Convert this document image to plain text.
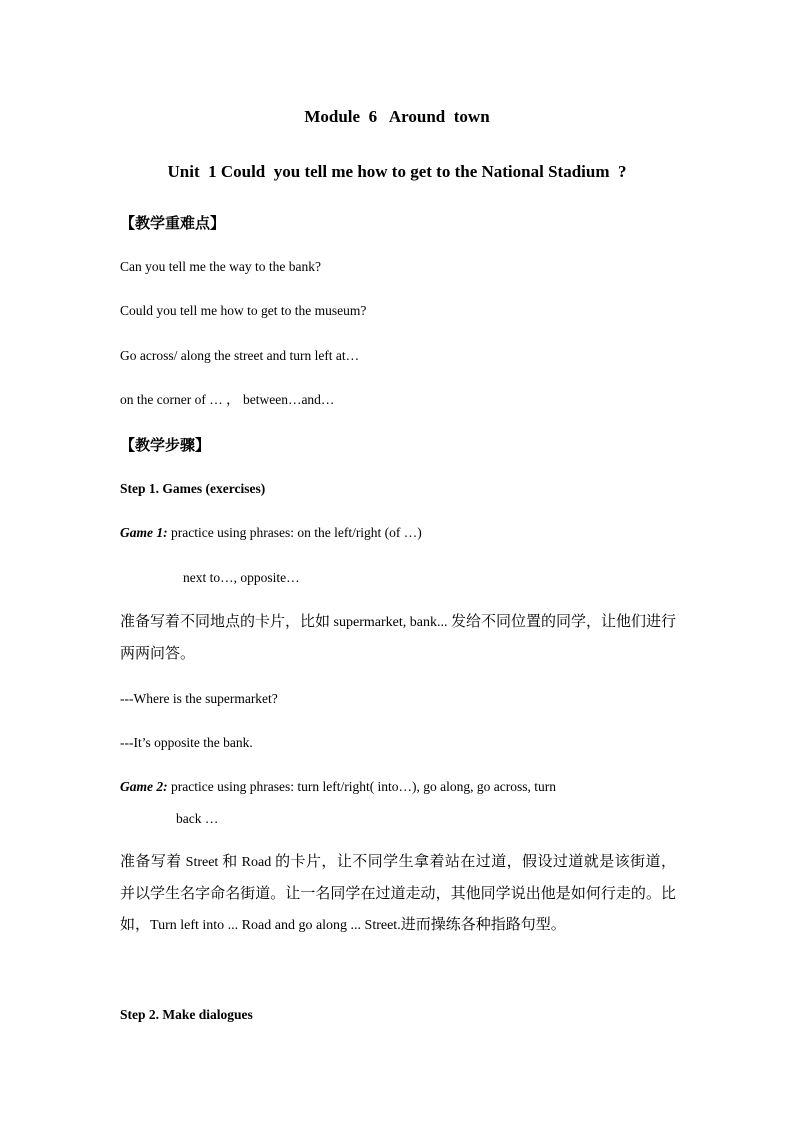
Module  6   Around  town
Unit  1 Could  you tell me how to get to the National Stadium  ?
【教学重难点】
Can you tell me the way to the bank?
Could you tell me how to get to the museum?
Go across/ along the street and turn left at…
on the corner of … ， between…and…
【教学步骤】
Step 1. Games (exercises)
Game 1: practice using phrases: on the left/right (of …)
next to…, opposite…
准备写着不同地点的卡片，比如 supermarket, bank... 发给不同位置的同学，让他们进行两两问答。
---Where is the supermarket?
---It’s opposite the bank.
Game 2: practice using phrases: turn left/right( into…), go along, go across, turn
back …
准备写着 Street 和 Road 的卡片，让不同学生拿着站在过道，假设过道就是该街道，并以学生名字命名街道。让一名同学在过道走动，其他同学说出他是如何行走的。比如，Turn left into ... Road and go along ... Street.进而操练各种指路句型。
Step 2. Make dialogues
